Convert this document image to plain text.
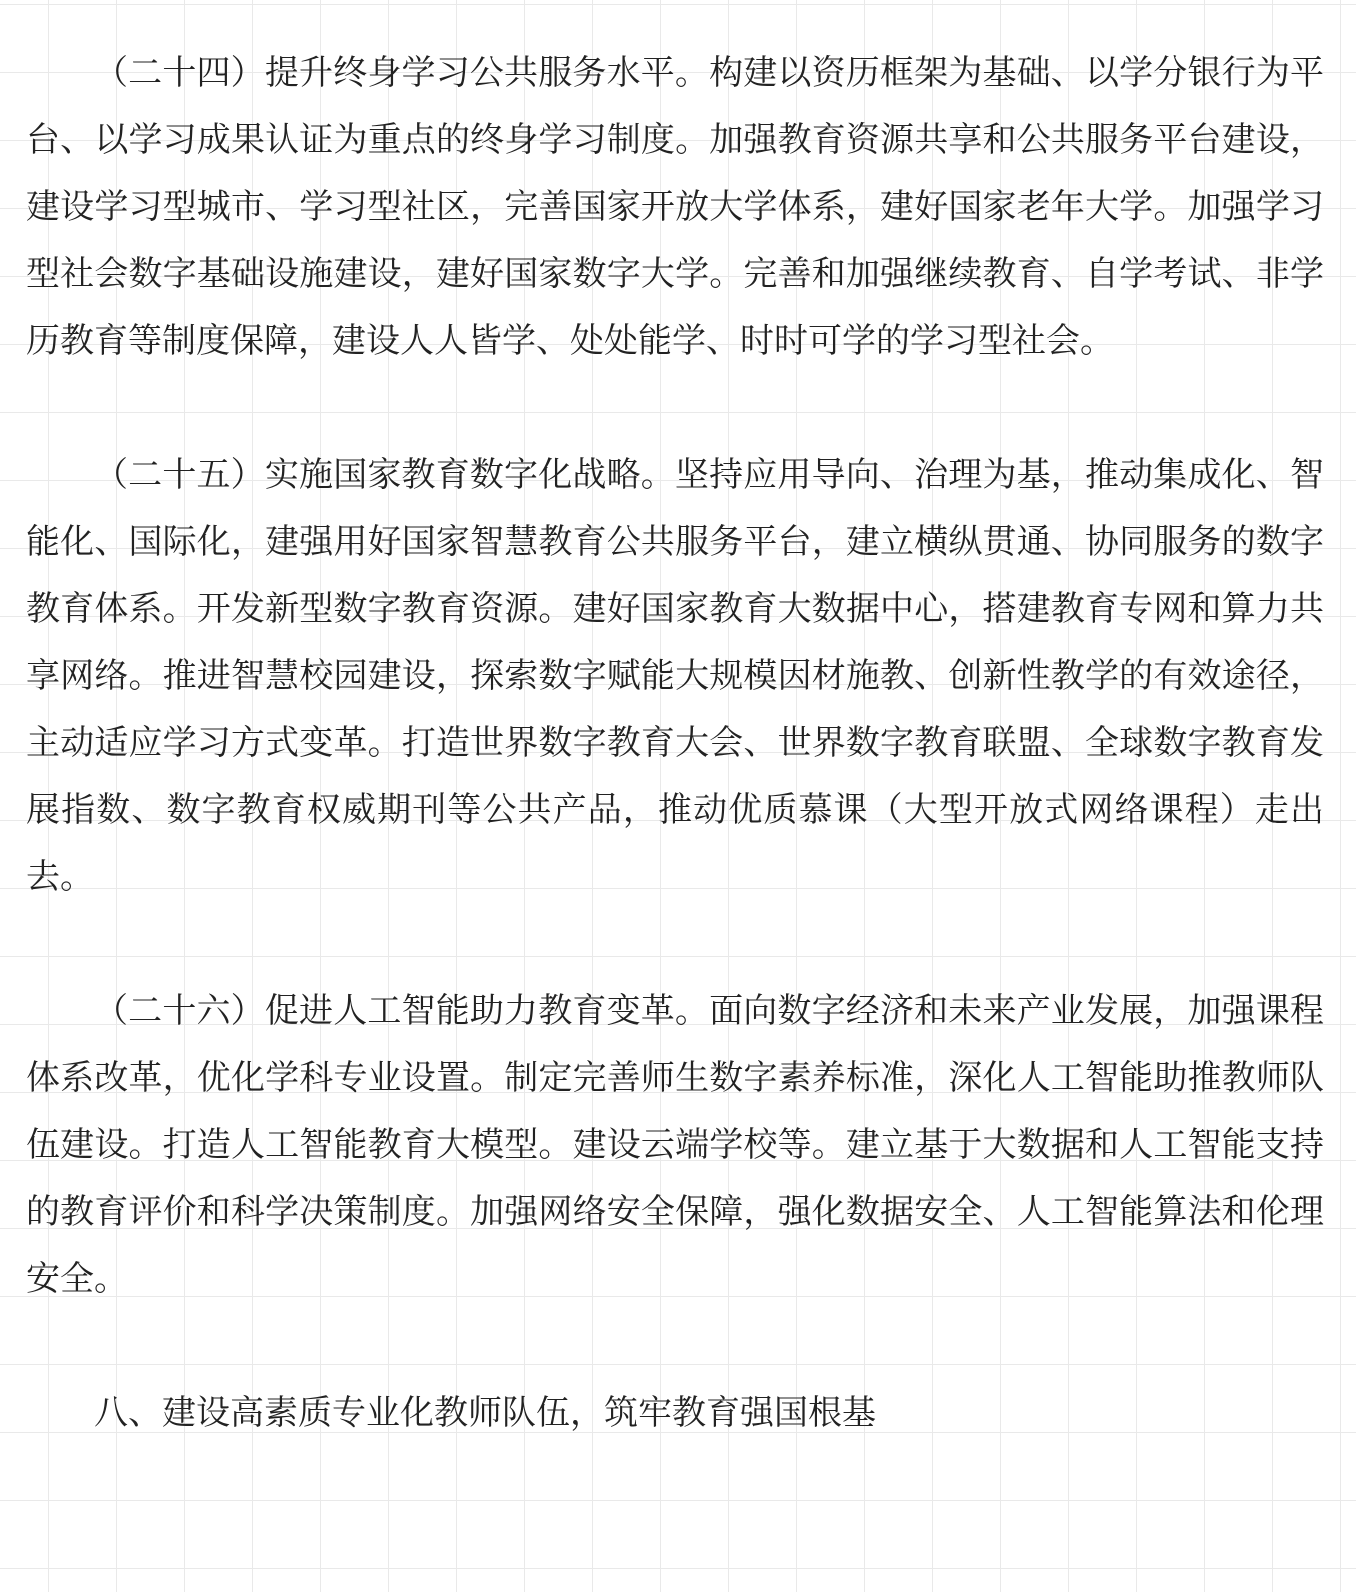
（二十四）提升终身学习公共服务水平。构建以资历框架为基础、以学分银行为平台、以学习成果认证为重点的终身学习制度。加强教育资源共享和公共服务平台建设，建设学习型城市、学习型社区，完善国家开放大学体系，建好国家老年大学。加强学习型社会数字基础设施建设，建好国家数字大学。完善和加强继续教育、自学考试、非学历教育等制度保障，建设人人皆学、处处能学、时时可学的学习型社会。

（二十五）实施国家教育数字化战略。坚持应用导向、治理为基，推动集成化、智能化、国际化，建强用好国家智慧教育公共服务平台，建立横纵贯通、协同服务的数字教育体系。开发新型数字教育资源。建好国家教育大数据中心，搭建教育专网和算力共享网络。推进智慧校园建设，探索数字赋能大规模因材施教、创新性教学的有效途径，主动适应学习方式变革。打造世界数字教育大会、世界数字教育联盟、全球数字教育发展指数、数字教育权威期刊等公共产品，推动优质慕课（大型开放式网络课程）走出去。

（二十六）促进人工智能助力教育变革。面向数字经济和未来产业发展，加强课程体系改革，优化学科专业设置。制定完善师生数字素养标准，深化人工智能助推教师队伍建设。打造人工智能教育大模型。建设云端学校等。建立基于大数据和人工智能支持的教育评价和科学决策制度。加强网络安全保障，强化数据安全、人工智能算法和伦理安全。

八、建设高素质专业化教师队伍，筑牢教育强国根基
